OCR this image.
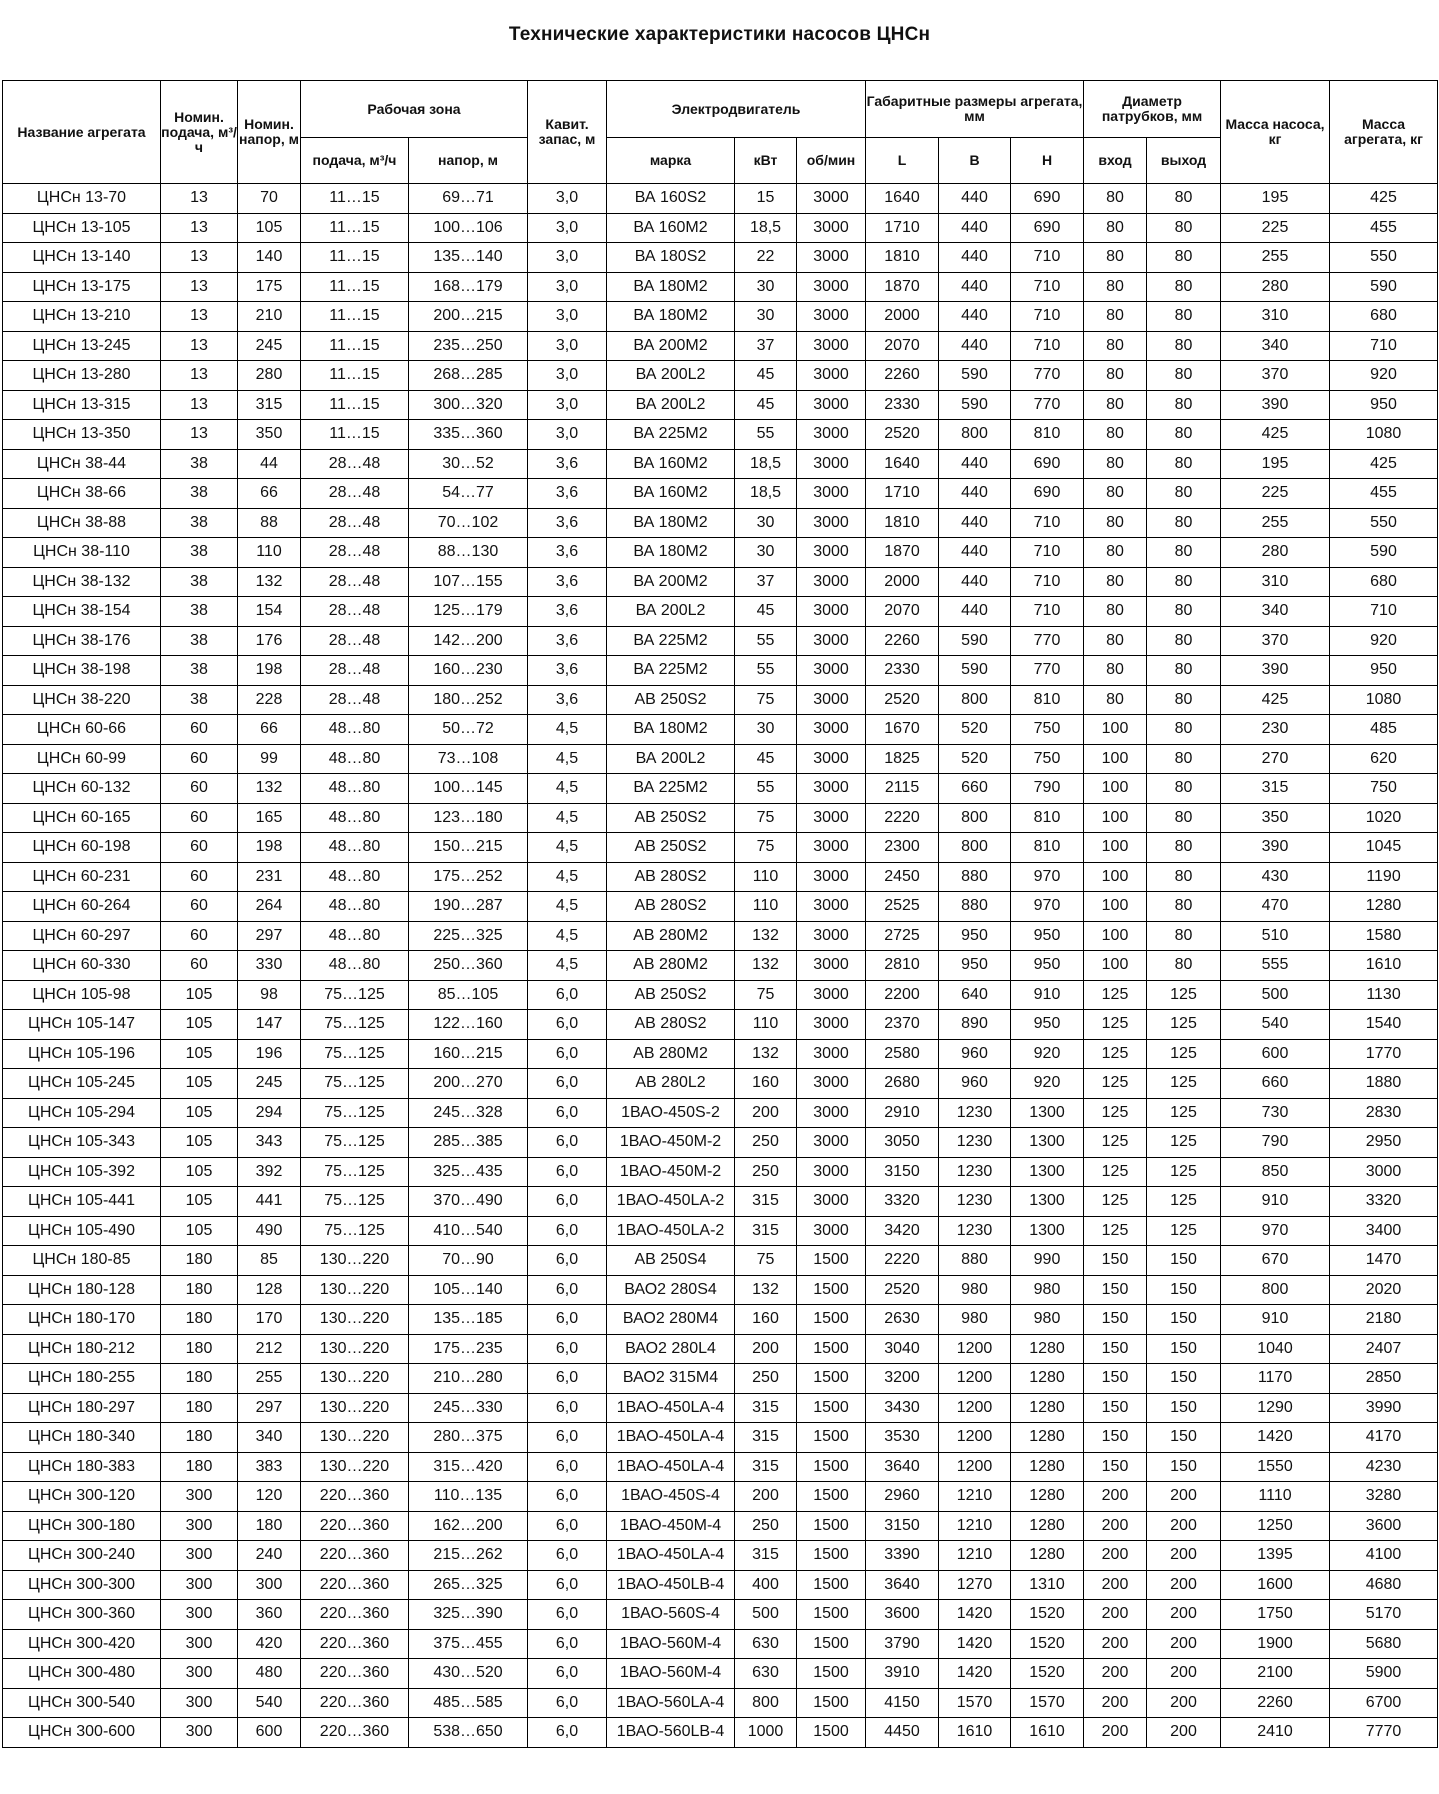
Технические характеристики насосов ЦНСн
Название агрегата	Номин. подача, м³/ч	Номин. напор, м	Рабочая зона		Кавит. запас, м	Электродвигатель			Габаритные размеры агрегата, мм			Диаметр патрубков, мм		Масса насоса, кг	Масса агрегата, кг
			подача, м³/ч	напор, м		марка	кВт	об/мин	L	B	H	вход	выход		
ЦНСн 13-70	13	70	11…15	69…71	3,0	ВА 160S2	15	3000	1640	440	690	80	80	195	425
ЦНСн 13-105	13	105	11…15	100…106	3,0	ВА 160M2	18,5	3000	1710	440	690	80	80	225	455
ЦНСн 13-140	13	140	11…15	135…140	3,0	ВА 180S2	22	3000	1810	440	710	80	80	255	550
ЦНСн 13-175	13	175	11…15	168…179	3,0	ВА 180M2	30	3000	1870	440	710	80	80	280	590
ЦНСн 13-210	13	210	11…15	200…215	3,0	ВА 180M2	30	3000	2000	440	710	80	80	310	680
ЦНСн 13-245	13	245	11…15	235…250	3,0	ВА 200M2	37	3000	2070	440	710	80	80	340	710
ЦНСн 13-280	13	280	11…15	268…285	3,0	ВА 200L2	45	3000	2260	590	770	80	80	370	920
ЦНСн 13-315	13	315	11…15	300…320	3,0	ВА 200L2	45	3000	2330	590	770	80	80	390	950
ЦНСн 13-350	13	350	11…15	335…360	3,0	ВА 225M2	55	3000	2520	800	810	80	80	425	1080
ЦНСн 38-44	38	44	28…48	30…52	3,6	ВА 160M2	18,5	3000	1640	440	690	80	80	195	425
ЦНСн 38-66	38	66	28…48	54…77	3,6	ВА 160M2	18,5	3000	1710	440	690	80	80	225	455
ЦНСн 38-88	38	88	28…48	70…102	3,6	ВА 180M2	30	3000	1810	440	710	80	80	255	550
ЦНСн 38-110	38	110	28…48	88…130	3,6	ВА 180M2	30	3000	1870	440	710	80	80	280	590
ЦНСн 38-132	38	132	28…48	107…155	3,6	ВА 200M2	37	3000	2000	440	710	80	80	310	680
ЦНСн 38-154	38	154	28…48	125…179	3,6	ВА 200L2	45	3000	2070	440	710	80	80	340	710
ЦНСн 38-176	38	176	28…48	142…200	3,6	ВА 225M2	55	3000	2260	590	770	80	80	370	920
ЦНСн 38-198	38	198	28…48	160…230	3,6	ВА 225M2	55	3000	2330	590	770	80	80	390	950
ЦНСн 38-220	38	228	28…48	180…252	3,6	АВ 250S2	75	3000	2520	800	810	80	80	425	1080
ЦНСн 60-66	60	66	48…80	50…72	4,5	ВА 180M2	30	3000	1670	520	750	100	80	230	485
ЦНСн 60-99	60	99	48…80	73…108	4,5	ВА 200L2	45	3000	1825	520	750	100	80	270	620
ЦНСн 60-132	60	132	48…80	100…145	4,5	ВА 225M2	55	3000	2115	660	790	100	80	315	750
ЦНСн 60-165	60	165	48…80	123…180	4,5	АВ 250S2	75	3000	2220	800	810	100	80	350	1020
ЦНСн 60-198	60	198	48…80	150…215	4,5	АВ 250S2	75	3000	2300	800	810	100	80	390	1045
ЦНСн 60-231	60	231	48…80	175…252	4,5	АВ 280S2	110	3000	2450	880	970	100	80	430	1190
ЦНСн 60-264	60	264	48…80	190…287	4,5	АВ 280S2	110	3000	2525	880	970	100	80	470	1280
ЦНСн 60-297	60	297	48…80	225…325	4,5	АВ 280M2	132	3000	2725	950	950	100	80	510	1580
ЦНСн 60-330	60	330	48…80	250…360	4,5	АВ 280M2	132	3000	2810	950	950	100	80	555	1610
ЦНСн 105-98	105	98	75…125	85…105	6,0	АВ 250S2	75	3000	2200	640	910	125	125	500	1130
ЦНСн 105-147	105	147	75…125	122…160	6,0	АВ 280S2	110	3000	2370	890	950	125	125	540	1540
ЦНСн 105-196	105	196	75…125	160…215	6,0	АВ 280M2	132	3000	2580	960	920	125	125	600	1770
ЦНСн 105-245	105	245	75…125	200…270	6,0	АВ 280L2	160	3000	2680	960	920	125	125	660	1880
ЦНСн 105-294	105	294	75…125	245…328	6,0	1ВАО-450S-2	200	3000	2910	1230	1300	125	125	730	2830
ЦНСн 105-343	105	343	75…125	285…385	6,0	1ВАО-450M-2	250	3000	3050	1230	1300	125	125	790	2950
ЦНСн 105-392	105	392	75…125	325…435	6,0	1ВАО-450M-2	250	3000	3150	1230	1300	125	125	850	3000
ЦНСн 105-441	105	441	75…125	370…490	6,0	1ВАО-450LA-2	315	3000	3320	1230	1300	125	125	910	3320
ЦНСн 105-490	105	490	75…125	410…540	6,0	1ВАО-450LA-2	315	3000	3420	1230	1300	125	125	970	3400
ЦНСн 180-85	180	85	130…220	70…90	6,0	АВ 250S4	75	1500	2220	880	990	150	150	670	1470
ЦНСн 180-128	180	128	130…220	105…140	6,0	ВАО2 280S4	132	1500	2520	980	980	150	150	800	2020
ЦНСн 180-170	180	170	130…220	135…185	6,0	ВАО2 280M4	160	1500	2630	980	980	150	150	910	2180
ЦНСн 180-212	180	212	130…220	175…235	6,0	ВАО2 280L4	200	1500	3040	1200	1280	150	150	1040	2407
ЦНСн 180-255	180	255	130…220	210…280	6,0	ВАО2 315M4	250	1500	3200	1200	1280	150	150	1170	2850
ЦНСн 180-297	180	297	130…220	245…330	6,0	1ВАО-450LA-4	315	1500	3430	1200	1280	150	150	1290	3990
ЦНСн 180-340	180	340	130…220	280…375	6,0	1ВАО-450LA-4	315	1500	3530	1200	1280	150	150	1420	4170
ЦНСн 180-383	180	383	130…220	315…420	6,0	1ВАО-450LA-4	315	1500	3640	1200	1280	150	150	1550	4230
ЦНСн 300-120	300	120	220…360	110…135	6,0	1ВАО-450S-4	200	1500	2960	1210	1280	200	200	1110	3280
ЦНСн 300-180	300	180	220…360	162…200	6,0	1ВАО-450M-4	250	1500	3150	1210	1280	200	200	1250	3600
ЦНСн 300-240	300	240	220…360	215…262	6,0	1ВАО-450LA-4	315	1500	3390	1210	1280	200	200	1395	4100
ЦНСн 300-300	300	300	220…360	265…325	6,0	1ВАО-450LB-4	400	1500	3640	1270	1310	200	200	1600	4680
ЦНСн 300-360	300	360	220…360	325…390	6,0	1ВАО-560S-4	500	1500	3600	1420	1520	200	200	1750	5170
ЦНСн 300-420	300	420	220…360	375…455	6,0	1ВАО-560M-4	630	1500	3790	1420	1520	200	200	1900	5680
ЦНСн 300-480	300	480	220…360	430…520	6,0	1ВАО-560M-4	630	1500	3910	1420	1520	200	200	2100	5900
ЦНСн 300-540	300	540	220…360	485…585	6,0	1ВАО-560LA-4	800	1500	4150	1570	1570	200	200	2260	6700
ЦНСн 300-600	300	600	220…360	538…650	6,0	1ВАО-560LB-4	1000	1500	4450	1610	1610	200	200	2410	7770
